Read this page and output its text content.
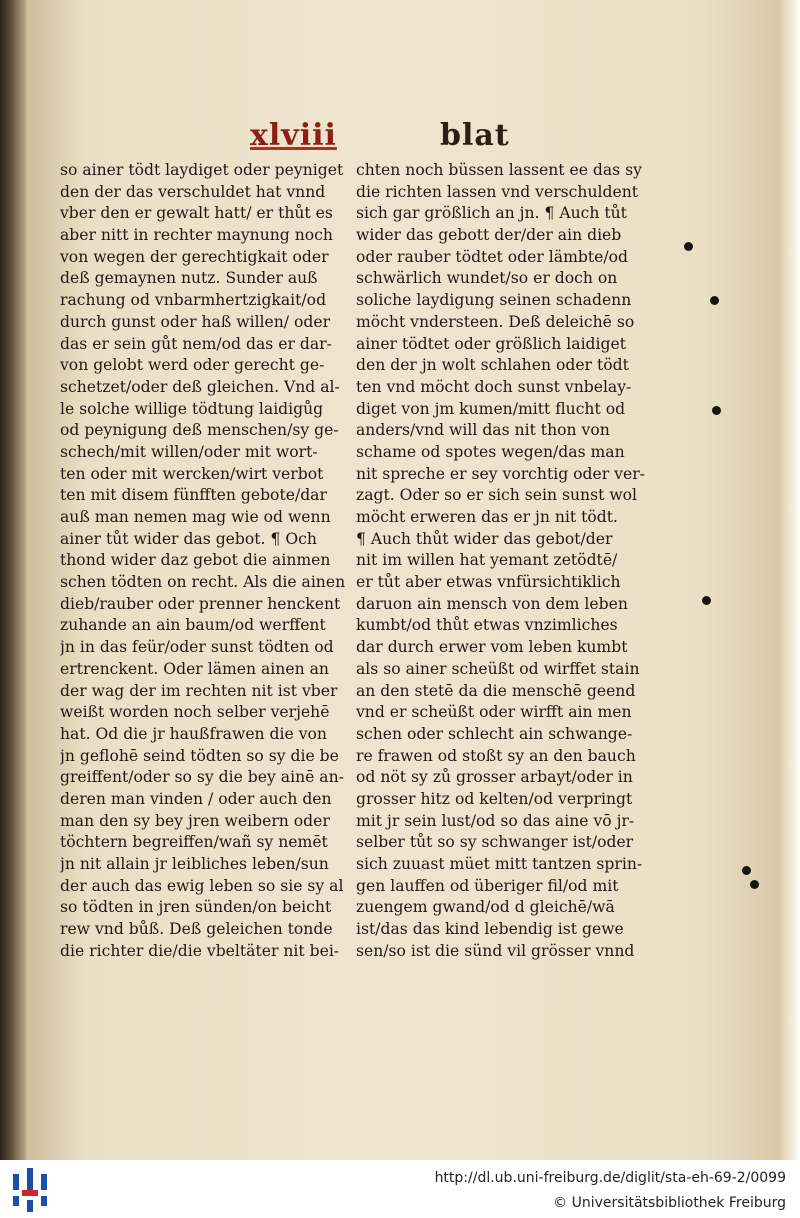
xlviii	blat
so ainer tödt laydiget oder peyniget
den der das verschuldet hat vnnd
vber den er gewalt hatt/ er thůt es
aber nitt in rechter maynung noch
von wegen der gerechtigkait oder
deß gemaynen nutz. Sunder auß
rachung od vnbarmhertzigkait/od
durch gunst oder haß willen/ oder
das er sein gůt nem/od das er dar-
von gelobt werd oder gerecht ge-
schetzet/oder deß gleichen. Vnd al-
le solche willige tödtung laidigůg
od peynigung deß menschen/sy ge-
schech/mit willen/oder mit wort-
ten oder mit wercken/wirt verbot
ten mit disem fünfften gebote/dar
auß man nemen mag wie od wenn
ainer tůt wider das gebot. ¶ Och
thond wider daz gebot die ainmen
schen tödten on recht. Als die ainen
dieb/rauber oder prenner henckent
zuhande an ain baum/od werffent
jn in das feür/oder sunst tödten od
ertrenckent. Oder lämen ainen an
der wag der im rechten nit ist vber
weißt worden noch selber verjehē
hat. Od die jr haußfrawen die von
jn geflohē seind tödten so sy die be
greiffent/oder so sy die bey ainē an-
deren man vinden / oder auch den
man den sy bey jren weibern oder
töchtern begreiffen/wañ sy nemēt
jn nit allain jr leibliches leben/sun
der auch das ewig leben so sie sy al
so tödten in jren sünden/on beicht
rew vnd bůß. Deß geleichen tonde
die richter die/die vbeltäter nit bei-
chten noch büssen lassent ee das sy
die richten lassen vnd verschuldent
sich gar größlich an jn. ¶ Auch tůt
wider das gebott der/der ain dieb
oder rauber tödtet oder lämbte/od
schwärlich wundet/so er doch on
soliche laydigung seinen schadenn
möcht vndersteen. Deß deleichē so
ainer tödtet oder größlich laidiget
den der jn wolt schlahen oder tödt
ten vnd möcht doch sunst vnbelay-
diget von jm kumen/mitt flucht od
anders/vnd will das nit thon von
schame od spotes wegen/das man
nit spreche er sey vorchtig oder ver-
zagt. Oder so er sich sein sunst wol
möcht erweren das er jn nit tödt.
¶ Auch thůt wider das gebot/der
nit im willen hat yemant zetödtē/
er tůt aber etwas vnfürsichtiklich
daruon ain mensch von dem leben
kumbt/od thůt etwas vnzimliches
dar durch erwer vom leben kumbt
als so ainer scheüßt od wirffet stain
an den stetē da die menschē geend
vnd er scheüßt oder wirfft ain men
schen oder schlecht ain schwange-
re frawen od stoßt sy an den bauch
od nöt sy zů grosser arbayt/oder in
grosser hitz od kelten/od verpringt
mit jr sein lust/od so das aine vō jr-
selber tůt so sy schwanger ist/oder
sich zuuast müet mitt tantzen sprin-
gen lauffen od überiger fil/od mit
zuengem gwand/od d gleichē/wā
ist/das das kind lebendig ist gewe
sen/so ist die sünd vil grösser vnnd
http://dl.ub.uni-freiburg.de/diglit/sta-eh-69-2/0099
© Universitätsbibliothek Freiburg
